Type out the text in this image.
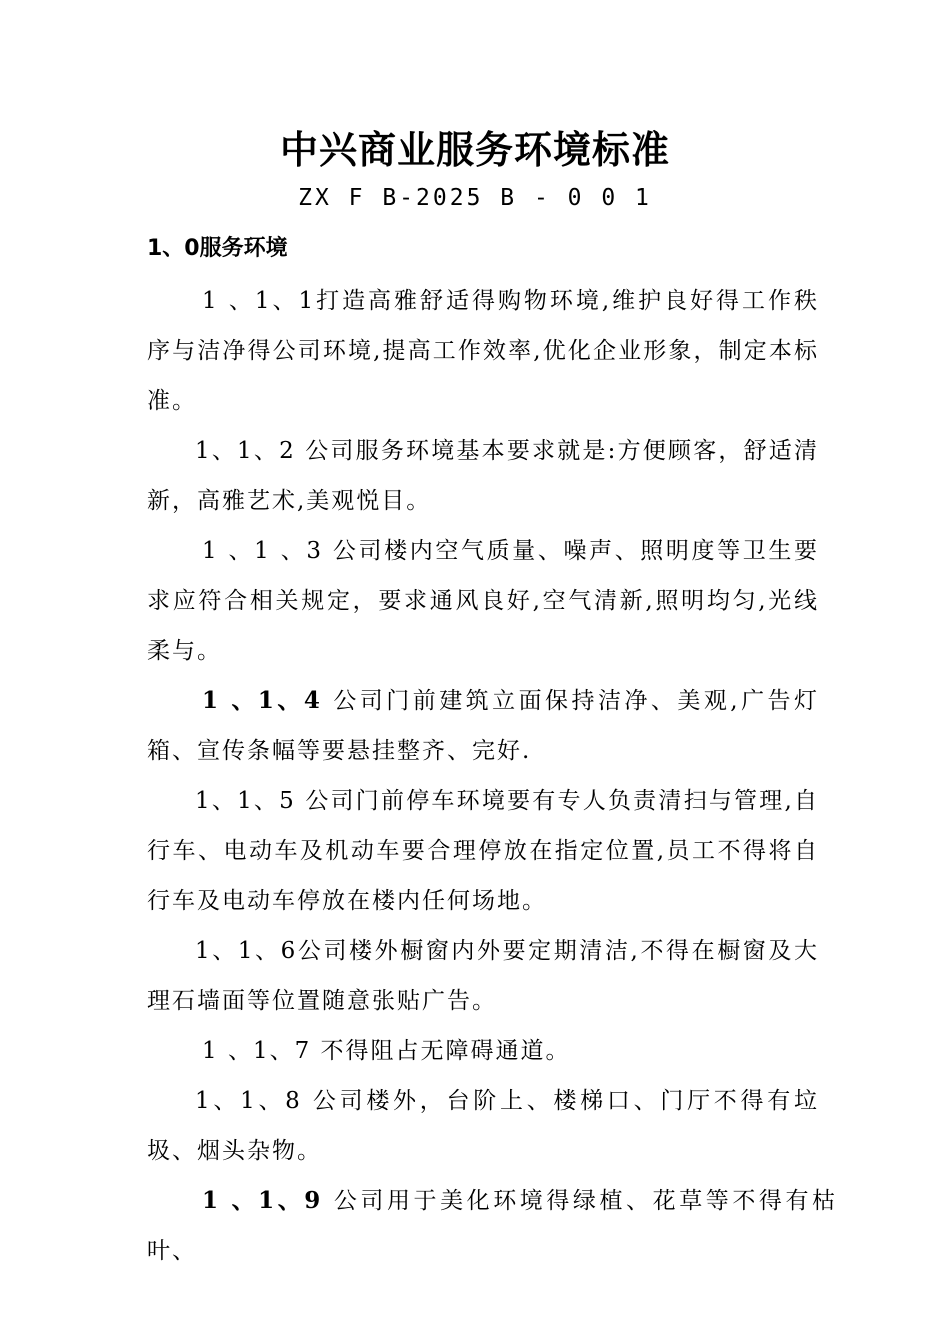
中兴商业服务环境标准
ZX F B-2025 B - 0 0 1
1、0服务环境

1 、1、1打造高雅舒适得购物环境,维护良好得工作秩序与洁净得公司环境,提高工作效率,优化企业形象，制定本标准。

1、1、2 公司服务环境基本要求就是:方便顾客，舒适清新，高雅艺术,美观悦目。

1 、1 、3 公司楼内空气质量、噪声、照明度等卫生要求应符合相关规定，要求通风良好,空气清新,照明均匀,光线柔与。

1 、1、4 公司门前建筑立面保持洁净、美观,广告灯箱、宣传条幅等要悬挂整齐、完好.

1、1、5 公司门前停车环境要有专人负责清扫与管理,自行车、电动车及机动车要合理停放在指定位置,员工不得将自行车及电动车停放在楼内任何场地。

1、1、6公司楼外橱窗内外要定期清洁,不得在橱窗及大理石墙面等位置随意张贴广告。

1 、1、7 不得阻占无障碍通道。

1、1、8 公司楼外，台阶上、楼梯口、门厅不得有垃圾、烟头杂物。

1 、1、9 公司用于美化环境得绿植、花草等不得有枯叶、
